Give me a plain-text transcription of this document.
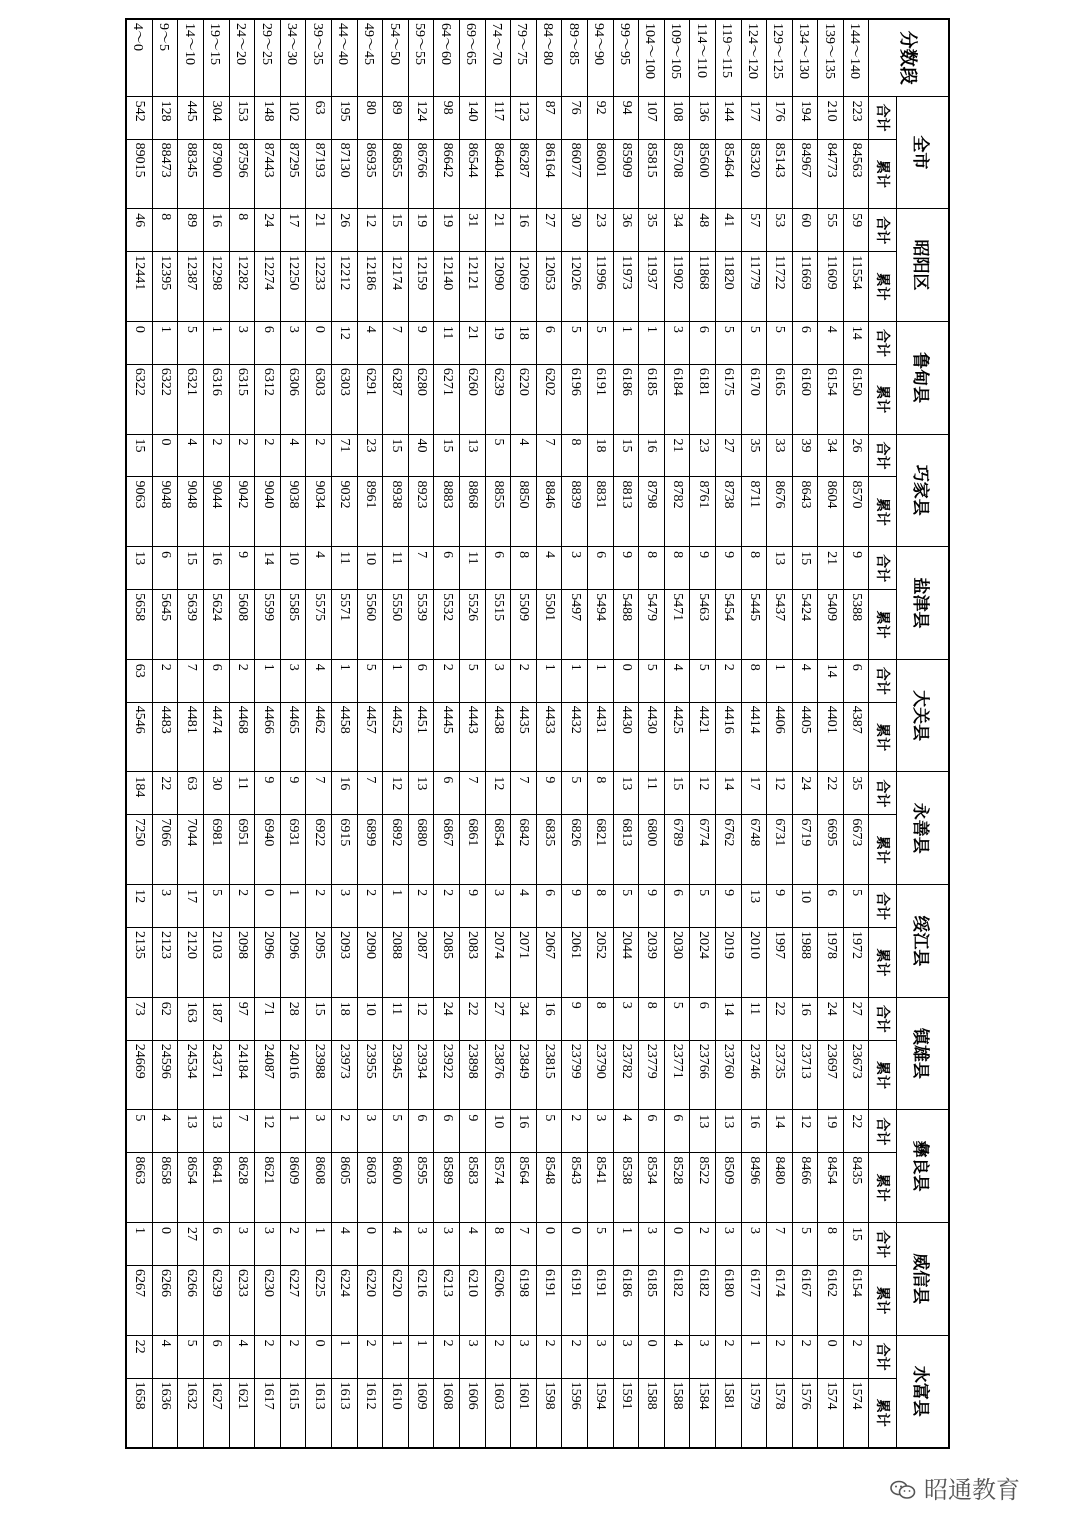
分数段	全市		昭阳区		鲁甸县		巧家县		盐津县		大关县		永善县		绥江县		镇雄县		彝良县		威信县		水富县	
	合计	累计	合计	累计	合计	累计	合计	累计	合计	累计	合计	累计	合计	累计	合计	累计	合计	累计	合计	累计	合计	累计	合计	累计
144～140	223	84563	59	11554	14	6150	26	8570	9	5388	6	4387	35	6673	5	1972	27	23673	22	8435	15	6154	2	1574
139～135	210	84773	55	11609	4	6154	34	8604	21	5409	14	4401	22	6695	6	1978	24	23697	19	8454	8	6162	0	1574
134～130	194	84967	60	11669	6	6160	39	8643	15	5424	4	4405	24	6719	10	1988	16	23713	12	8466	5	6167	2	1576
129～125	176	85143	53	11722	5	6165	33	8676	13	5437	1	4406	12	6731	9	1997	22	23735	14	8480	7	6174	2	1578
124～120	177	85320	57	11779	5	6170	35	8711	8	5445	8	4414	17	6748	13	2010	11	23746	16	8496	3	6177	1	1579
119～115	144	85464	41	11820	5	6175	27	8738	9	5454	2	4416	14	6762	9	2019	14	23760	13	8509	3	6180	2	1581
114～110	136	85600	48	11868	6	6181	23	8761	9	5463	5	4421	12	6774	5	2024	6	23766	13	8522	2	6182	3	1584
109～105	108	85708	34	11902	3	6184	21	8782	8	5471	4	4425	15	6789	6	2030	5	23771	6	8528	0	6182	4	1588
104～100	107	85815	35	11937	1	6185	16	8798	8	5479	5	4430	11	6800	9	2039	8	23779	6	8534	3	6185	0	1588
99～95	94	85909	36	11973	1	6186	15	8813	9	5488	0	4430	13	6813	5	2044	3	23782	4	8538	1	6186	3	1591
94～90	92	86001	23	11996	5	6191	18	8831	6	5494	1	4431	8	6821	8	2052	8	23790	3	8541	5	6191	3	1594
89～85	76	86077	30	12026	5	6196	8	8839	3	5497	1	4432	5	6826	9	2061	9	23799	2	8543	0	6191	2	1596
84～80	87	86164	27	12053	6	6202	7	8846	4	5501	1	4433	9	6835	6	2067	16	23815	5	8548	0	6191	2	1598
79～75	123	86287	16	12069	18	6220	4	8850	8	5509	2	4435	7	6842	4	2071	34	23849	16	8564	7	6198	3	1601
74～70	117	86404	21	12090	19	6239	5	8855	6	5515	3	4438	12	6854	3	2074	27	23876	10	8574	8	6206	2	1603
69～65	140	86544	31	12121	21	6260	13	8868	11	5526	5	4443	7	6861	9	2083	22	23898	9	8583	4	6210	3	1606
64～60	98	86642	19	12140	11	6271	15	8883	6	5532	2	4445	6	6867	2	2085	24	23922	6	8589	3	6213	2	1608
59～55	124	86766	19	12159	9	6280	40	8923	7	5539	6	4451	13	6880	2	2087	12	23934	6	8595	3	6216	1	1609
54～50	89	86855	15	12174	7	6287	15	8938	11	5550	1	4452	12	6892	1	2088	11	23945	5	8600	4	6220	1	1610
49～45	80	86935	12	12186	4	6291	23	8961	10	5560	5	4457	7	6899	2	2090	10	23955	3	8603	0	6220	2	1612
44～40	195	87130	26	12212	12	6303	71	9032	11	5571	1	4458	16	6915	3	2093	18	23973	2	8605	4	6224	1	1613
39～35	63	87193	21	12233	0	6303	2	9034	4	5575	4	4462	7	6922	2	2095	15	23988	3	8608	1	6225	0	1613
34～30	102	87295	17	12250	3	6306	4	9038	10	5585	3	4465	9	6931	1	2096	28	24016	1	8609	2	6227	2	1615
29～25	148	87443	24	12274	6	6312	2	9040	14	5599	1	4466	9	6940	0	2096	71	24087	12	8621	3	6230	2	1617
24～20	153	87596	8	12282	3	6315	2	9042	9	5608	2	4468	11	6951	2	2098	97	24184	7	8628	3	6233	4	1621
19～15	304	87900	16	12298	1	6316	2	9044	16	5624	6	4474	30	6981	5	2103	187	24371	13	8641	6	6239	6	1627
14～10	445	88345	89	12387	5	6321	4	9048	15	5639	7	4481	63	7044	17	2120	163	24534	13	8654	27	6266	5	1632
9～5	128	88473	8	12395	1	6322	0	9048	6	5645	2	4483	22	7066	3	2123	62	24596	4	8658	0	6266	4	1636
4～0	542	89015	46	12441	0	6322	15	9063	13	5658	63	4546	184	7250	12	2135	73	24669	5	8663	1	6267	22	1658
昭通教育
